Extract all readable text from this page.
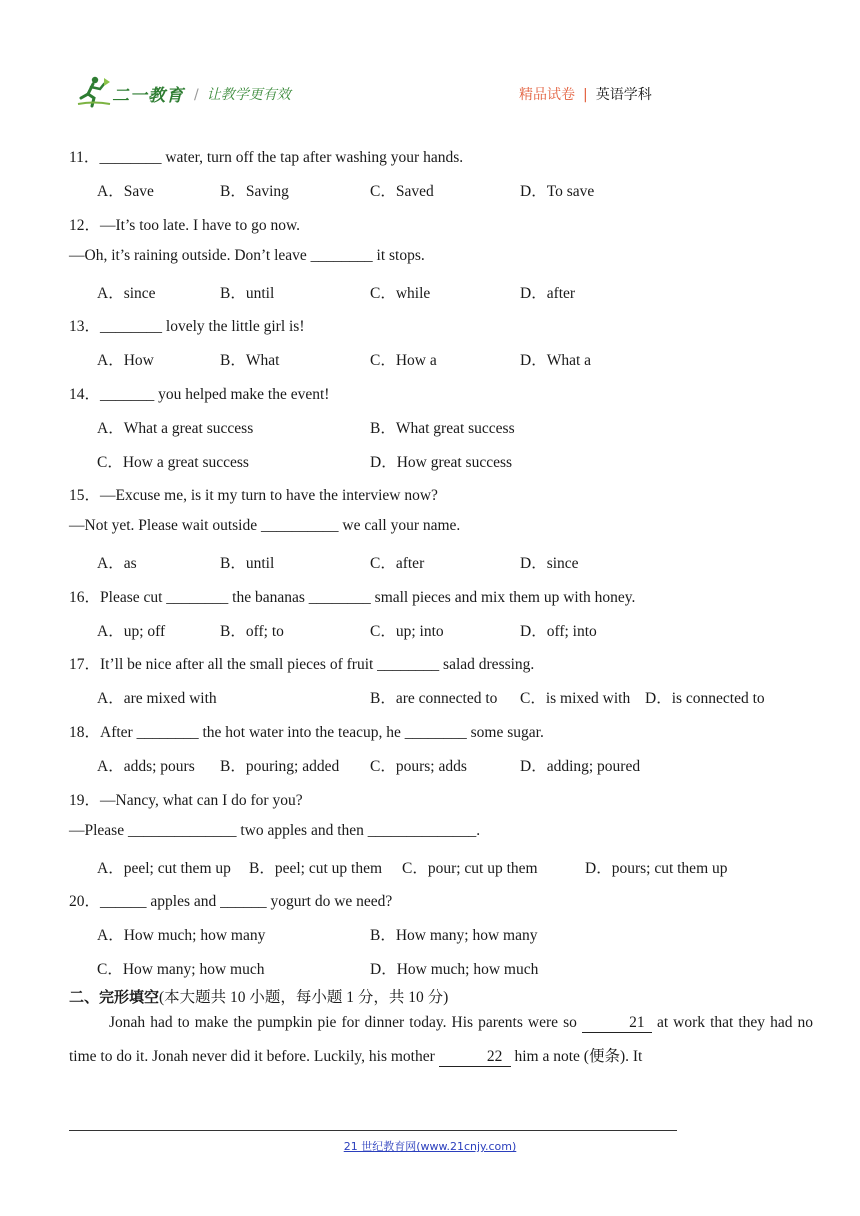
二一教育 / 让教学更有效	精品试卷 | 英语学科
11．________ water, turn off the tap after washing your hands.
A．Save	B．Saving	C．Saved	D．To save
12．—It’s too late. I have to go now.
—Oh, it’s raining outside. Don’t leave ________ it stops.
A．since	B．until	C．while	D．after
13．________ lovely the little girl is!
A．How	B．What	C．How a	D．What a
14．_______ you helped make the event!
A．What a great success	B．What great success
C．How a great success	D．How great success
15．—Excuse me, is it my turn to have the interview now?
—Not yet. Please wait outside __________ we call your name.
A．as	B．until	C．after	D．since
16．Please cut ________ the bananas ________ small pieces and mix them up with honey.
A．up; off	B．off; to	C．up; into	D．off; into
17．It’ll be nice after all the small pieces of fruit ________ salad dressing.
A．are mixed with	B．are connected to C．is mixed with D．is connected to
18．After ________ the hot water into the teacup, he ________ some sugar.
A．adds; pours B．pouring; added C．pours; adds	D．adding; poured
19．—Nancy, what can I do for you?
—Please ______________ two apples and then ______________.
A．peel; cut them up B．peel; cut up them C．pour; cut up them	D．pours; cut them up
20．______ apples and ______ yogurt do we need?
A．How much; how many	B．How many; how many
C．How many; how much	D．How much; how much
二、完形填空(本大题共 10 小题，每小题 1 分，共 10 分)
Jonah had to make the pumpkin pie for dinner today. His parents were so	21 at work that they had no time to do it. Jonah never did it before. Luckily, his mother	22 him a note (便条). It
21 世纪教育网(www.21cnjy.com)
